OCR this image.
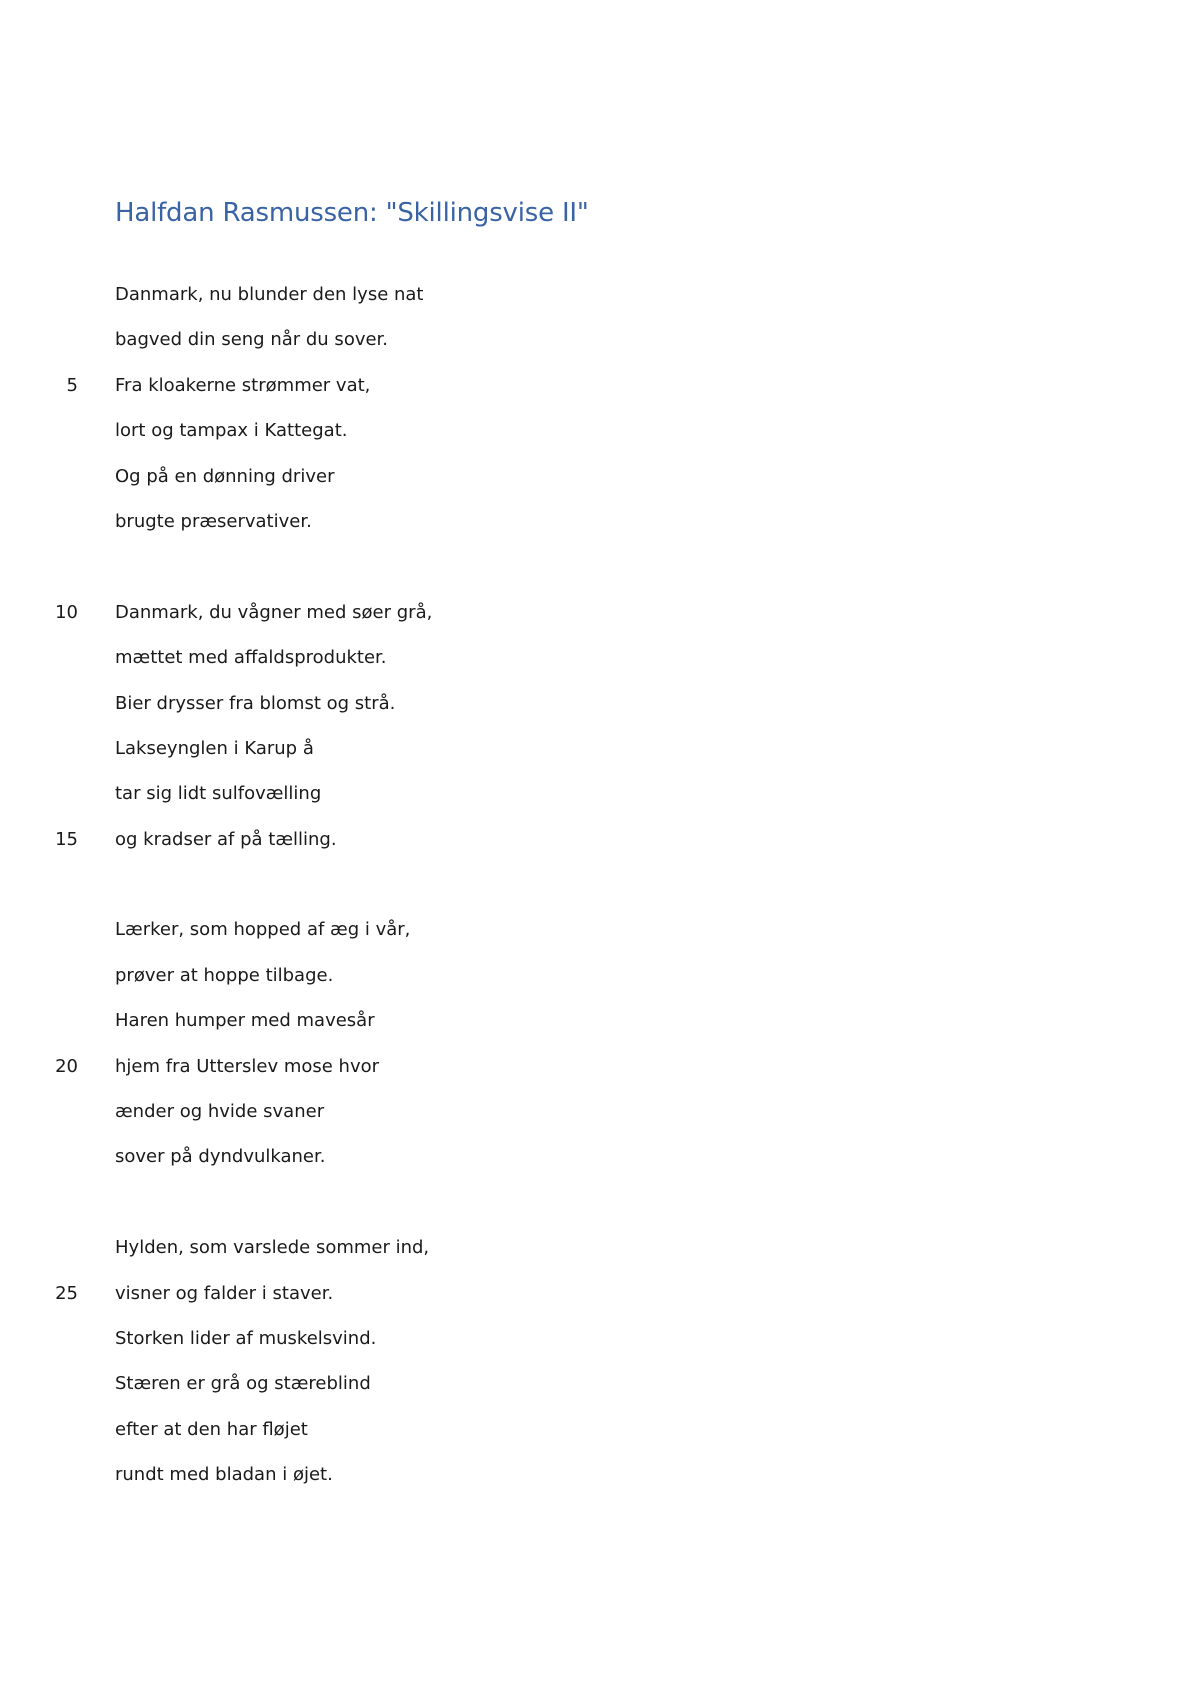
Halfdan Rasmussen: "Skillingsvise II"
Danmark, nu blunder den lyse nat
bagved din seng når du sover.
5 Fra kloakerne strømmer vat,
lort og tampax i Kattegat.
Og på en dønning driver
brugte præservativer.
10 Danmark, du vågner med søer grå,
mættet med affaldsprodukter.
Bier drysser fra blomst og strå.
Lakseynglen i Karup å
tar sig lidt sulfovælling
15 og kradser af på tælling.
Lærker, som hopped af æg i vår,
prøver at hoppe tilbage.
Haren humper med mavesår
20 hjem fra Utterslev mose hvor
ænder og hvide svaner
sover på dyndvulkaner.
Hylden, som varslede sommer ind,
25 visner og falder i staver.
Storken lider af muskelsvind.
Stæren er grå og stæreblind
efter at den har fløjet
rundt med bladan i øjet.
